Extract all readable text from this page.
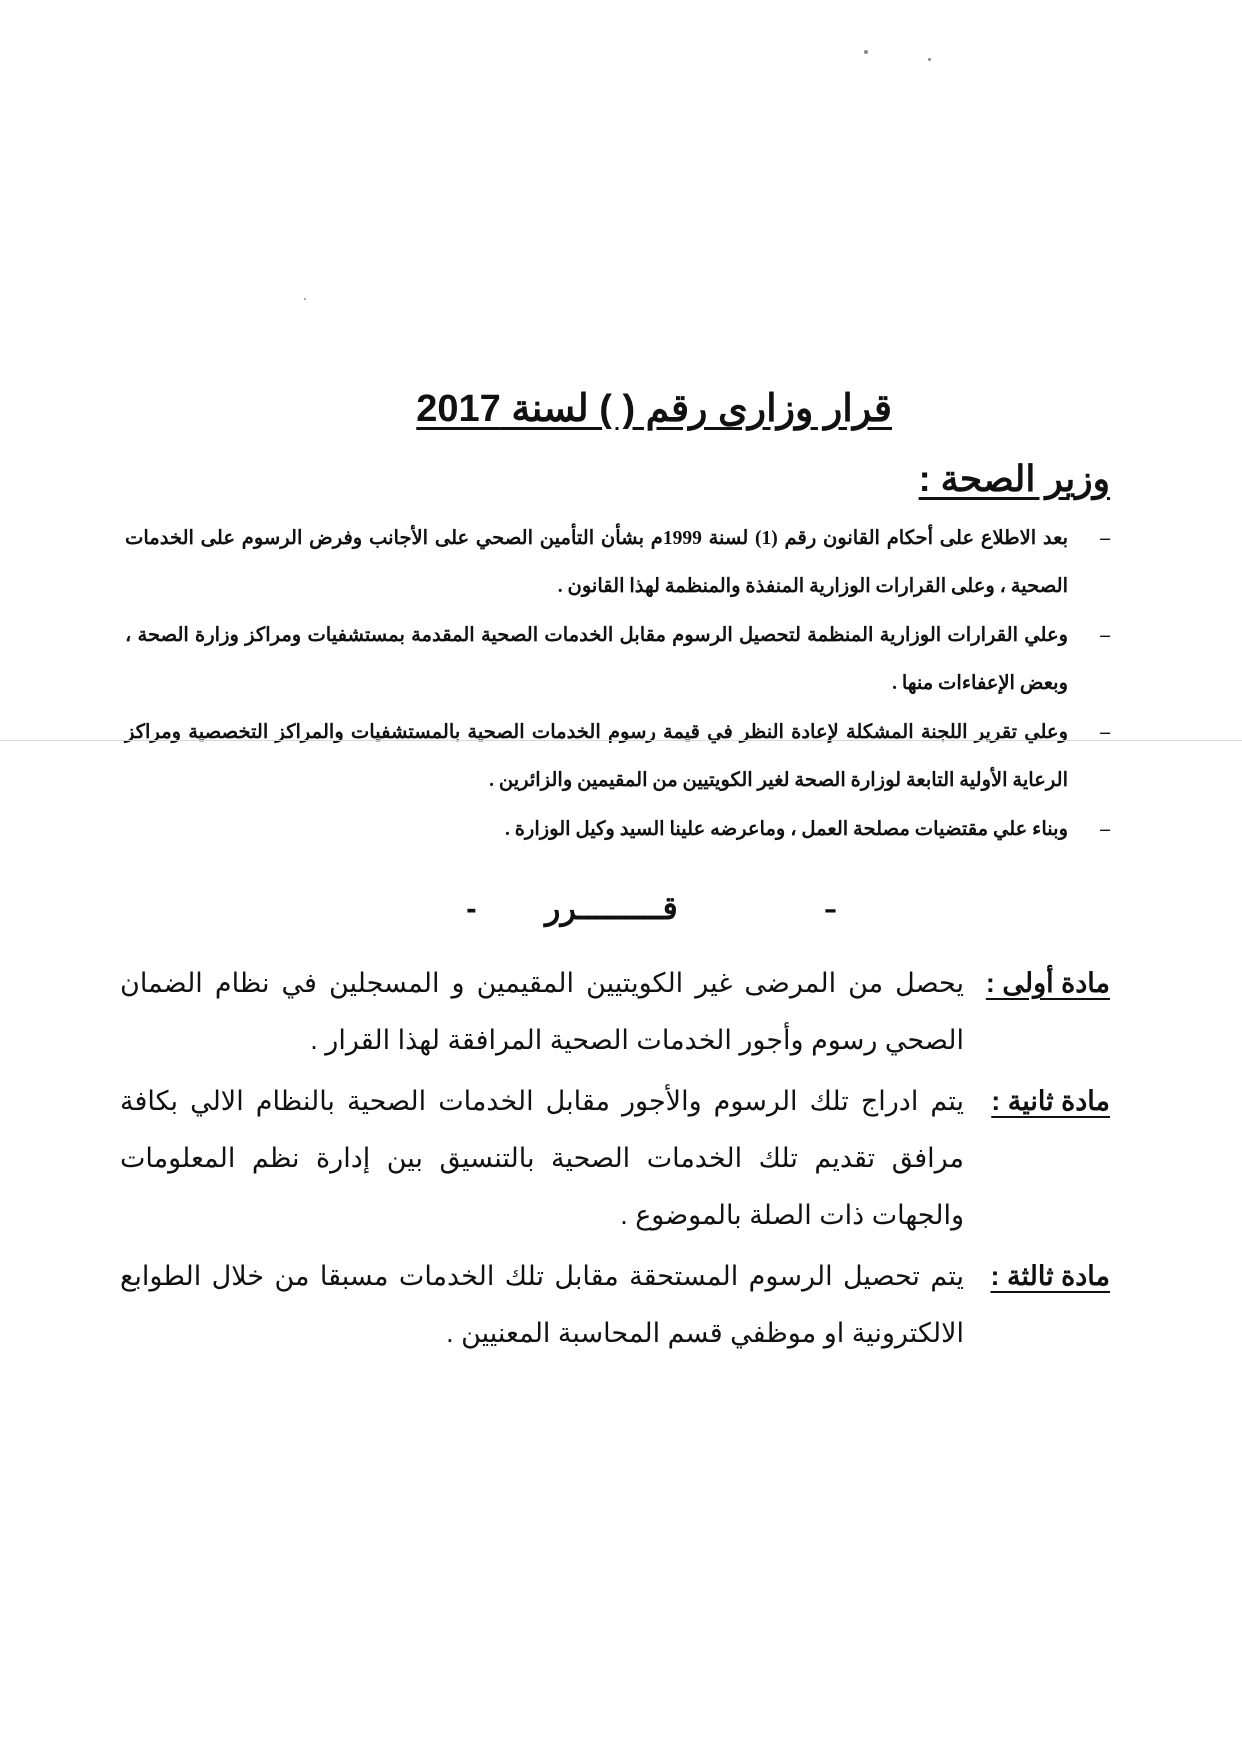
قرار وزارى رقم ( ) لسنة 2017
وزير الصحة :
–
بعد الاطلاع على أحكام القانون رقم (1) لسنة 1999م بشأن التأمين الصحي على الأجانب وفرض الرسوم على الخدمات الصحية ، وعلى القرارات الوزارية المنفذة والمنظمة لهذا القانون .
–
وعلي القرارات الوزارية المنظمة لتحصيل الرسوم مقابل الخدمات الصحية المقدمة بمستشفيات ومراكز وزارة الصحة ، وبعض الإعفاءات منها .
–
وعلي تقرير اللجنة المشكلة لإعادة النظر في قيمة رسوم الخدمات الصحية بالمستشفيات والمراكز التخصصية ومراكز الرعاية الأولية التابعة لوزارة الصحة لغير الكويتيين من المقيمين والزائرين .
–
وبناء علي مقتضيات مصلحة العمل ، وماعرضه علينا السيد وكيل الوزارة .
- قـــــــــرر	–
مادة أولى :
يحصل من المرضى غير الكويتيين المقيمين و المسجلين في نظام الضمان الصحي رسوم وأجور الخدمات الصحية المرافقة لهذا القرار .
مادة ثانية :
يتم ادراج تلك الرسوم والأجور مقابل الخدمات الصحية بالنظام الالي بكافة مرافق تقديم تلك الخدمات الصحية بالتنسيق بين إدارة نظم المعلومات والجهات ذات الصلة بالموضوع .
مادة ثالثة :
يتم تحصيل الرسوم المستحقة مقابل تلك الخدمات مسبقا من خلال الطوابع الالكترونية او موظفي قسم المحاسبة المعنيين .
